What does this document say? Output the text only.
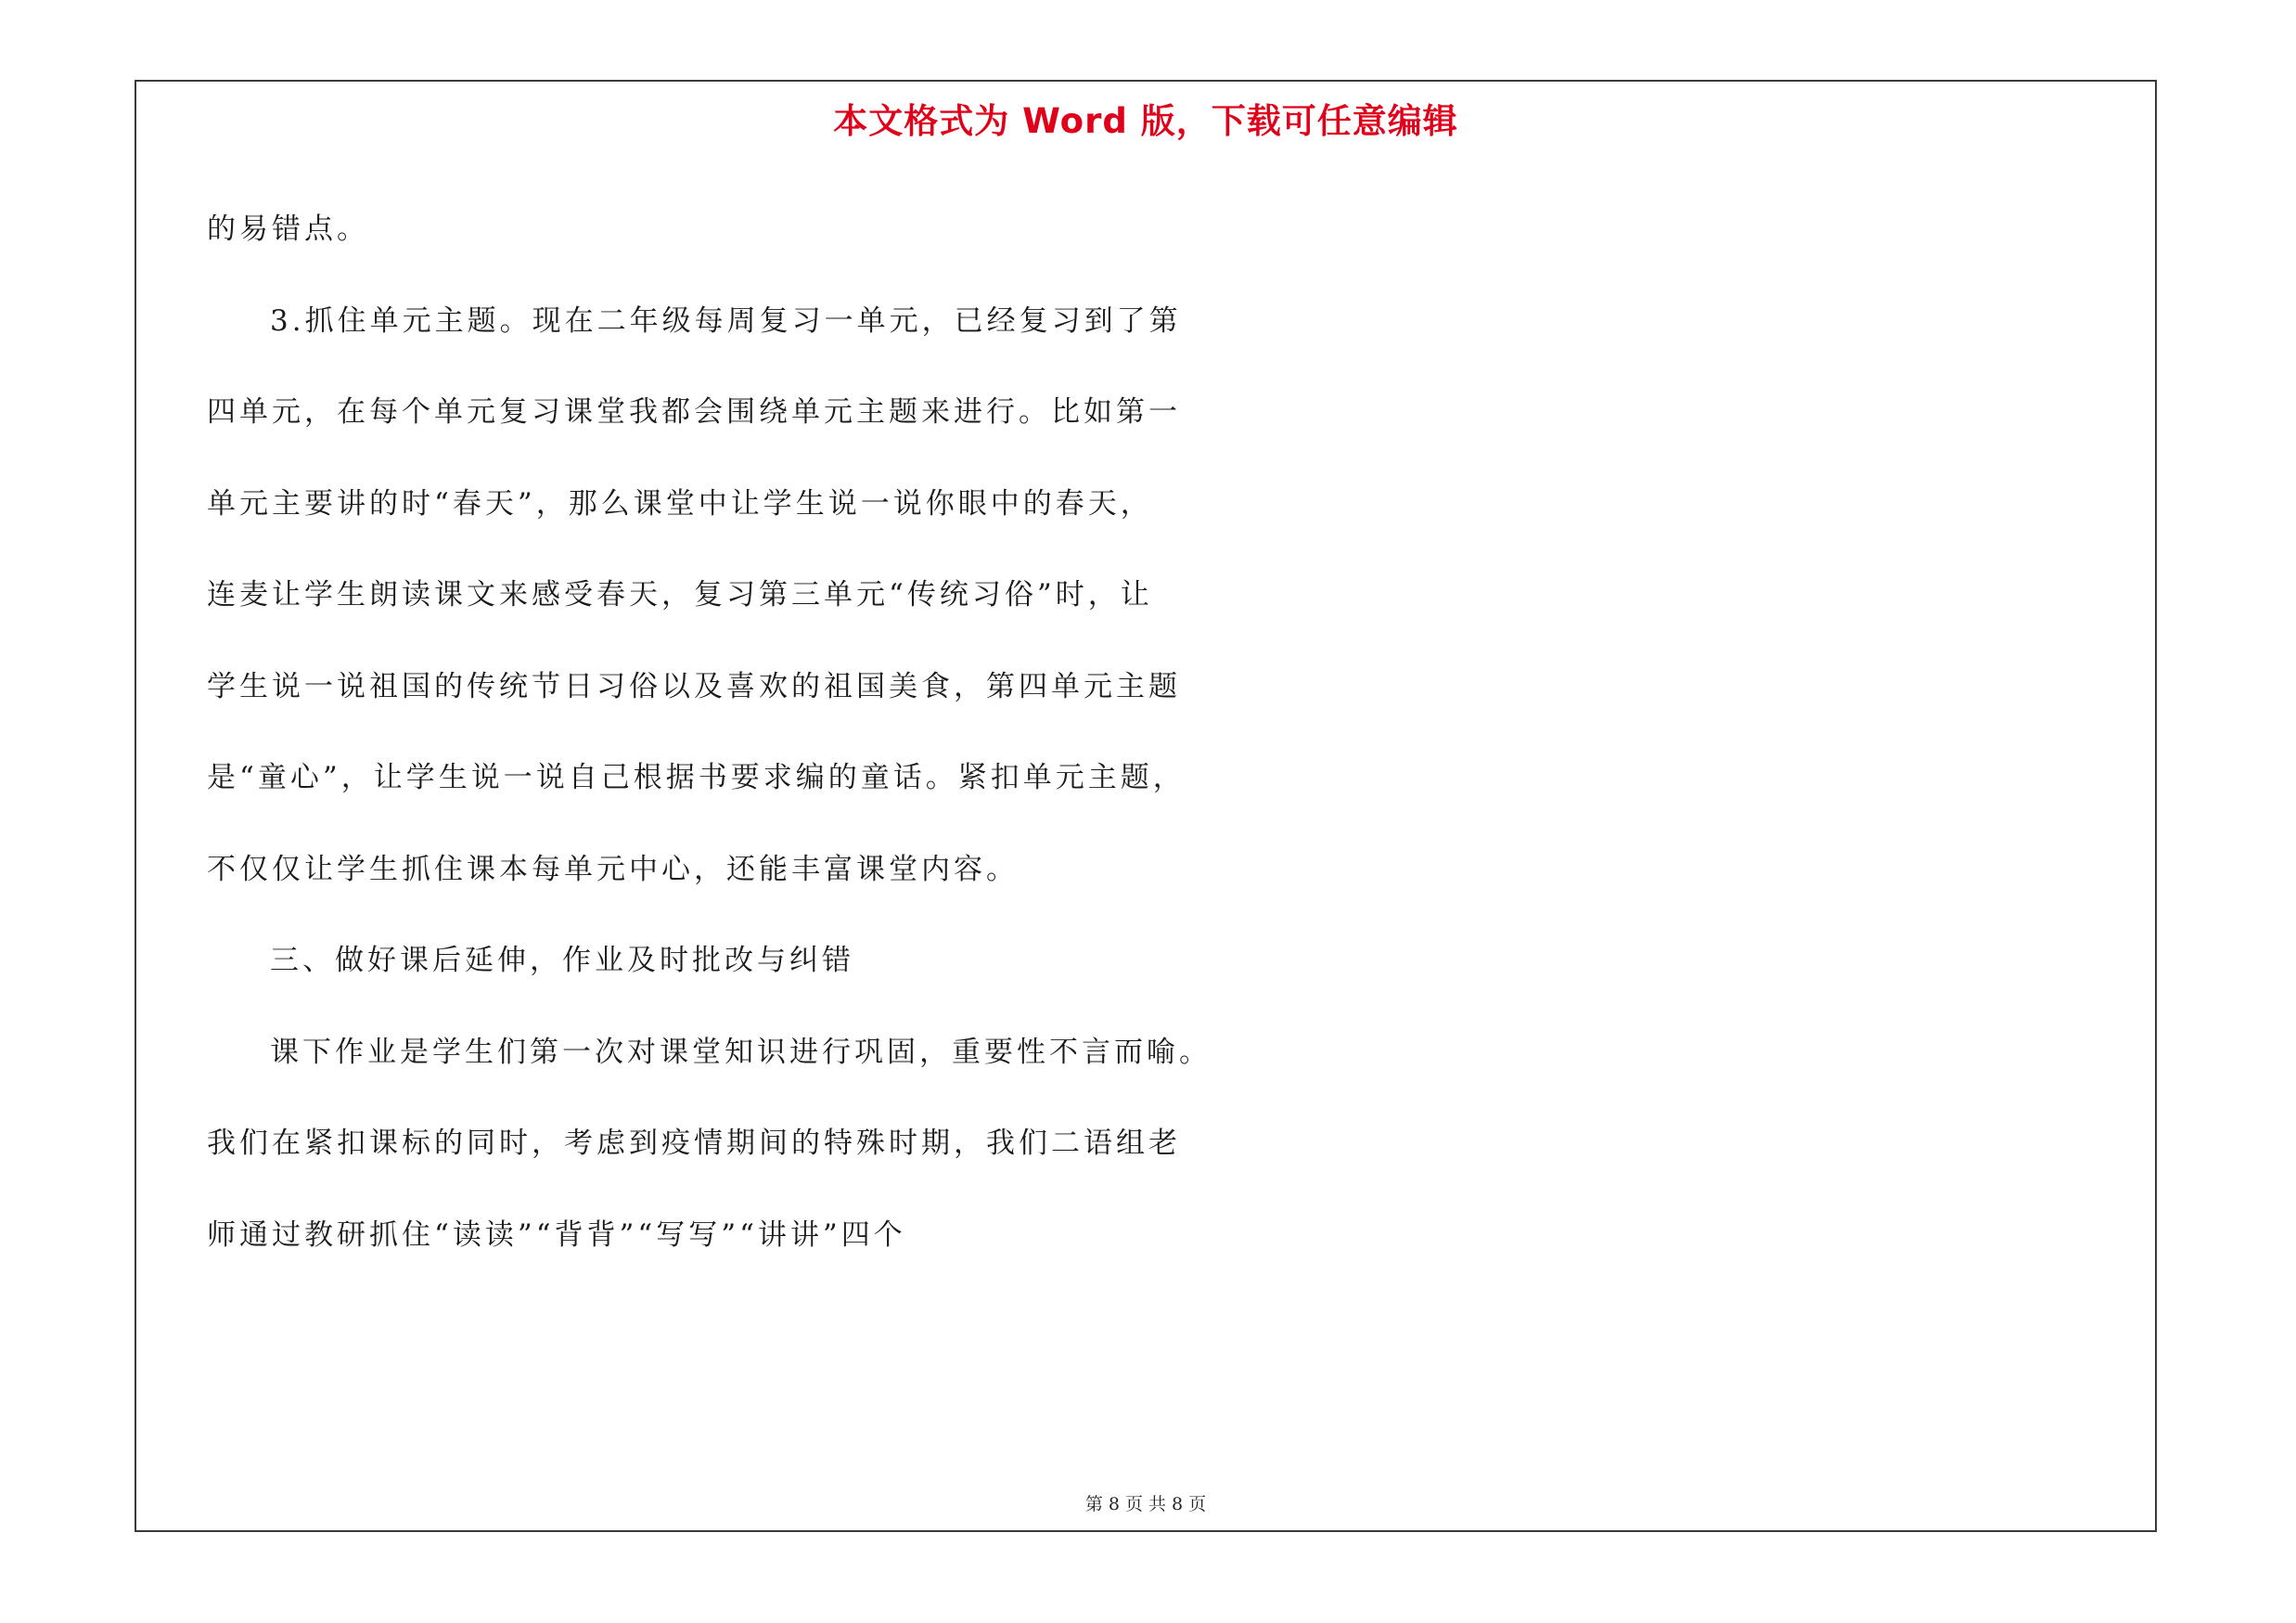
本文格式为 Word 版，下载可任意编辑
的易错点。
3.抓住单元主题。现在二年级每周复习一单元，已经复习到了第
四单元，在每个单元复习课堂我都会围绕单元主题来进行。比如第一
单元主要讲的时“春天”，那么课堂中让学生说一说你眼中的春天，
连麦让学生朗读课文来感受春天，复习第三单元“传统习俗”时，让
学生说一说祖国的传统节日习俗以及喜欢的祖国美食，第四单元主题
是“童心”，让学生说一说自己根据书要求编的童话。紧扣单元主题，
不仅仅让学生抓住课本每单元中心，还能丰富课堂内容。
三、做好课后延伸，作业及时批改与纠错
课下作业是学生们第一次对课堂知识进行巩固，重要性不言而喻。
我们在紧扣课标的同时，考虑到疫情期间的特殊时期，我们二语组老
师通过教研抓住“读读”“背背”“写写”“讲讲”四个
第 8 页 共 8 页
